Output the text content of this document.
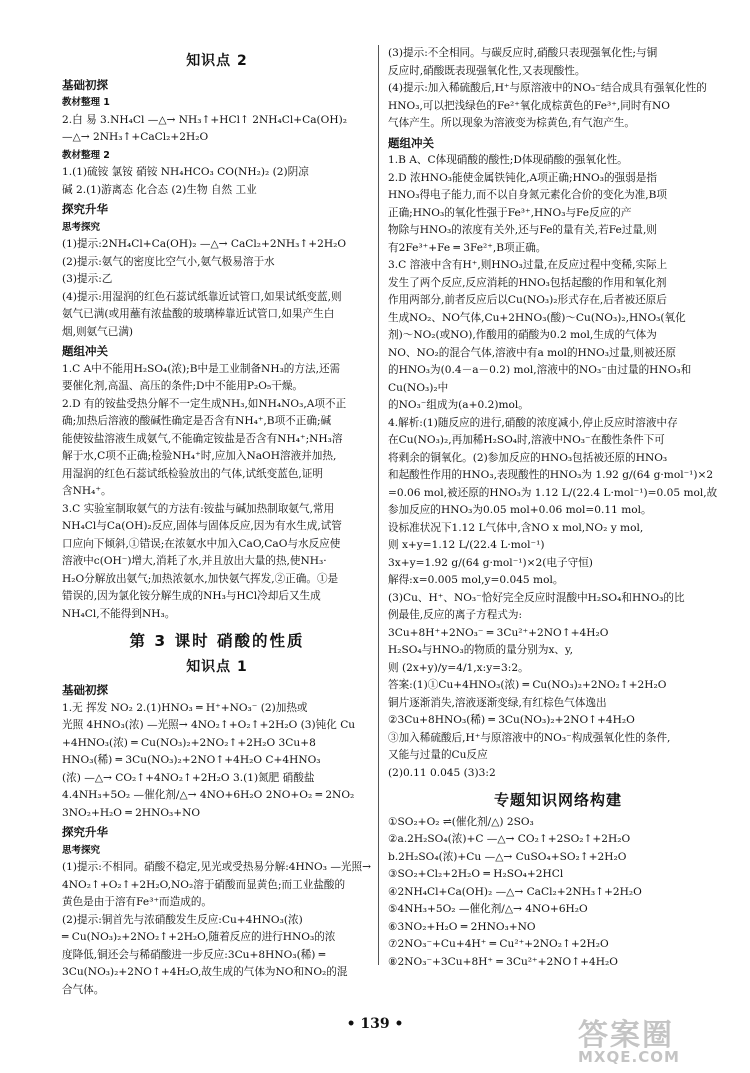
知识点 2
基础初探
教材整理 1

2.白 易 3.NH₄Cl —△→ NH₃↑+HCl↑ 2NH₄Cl+Ca(OH)₂

—△→ 2NH₃↑+CaCl₂+2H₂O

教材整理 2

1.(1)硫铵 氯铵 硝铵 NH₄HCO₃ CO(NH₂)₂ (2)阴凉

碱 2.(1)游离态 化合态 (2)生物 自然 工业

探究升华
思考探究

(1)提示:2NH₄Cl+Ca(OH)₂ —△→ CaCl₂+2NH₃↑+2H₂O

(2)提示:氨气的密度比空气小,氨气极易溶于水

(3)提示:乙

(4)提示:用湿润的红色石蕊试纸靠近试管口,如果试纸变蓝,则

氨气已满(或用蘸有浓盐酸的玻璃棒靠近试管口,如果产生白

烟,则氨气已满)

题组冲关

1.C A中不能用H₂SO₄(浓);B中是工业制备NH₃的方法,还需

要催化剂,高温、高压的条件;D中不能用P₂O₅干燥。

2.D 有的铵盐受热分解不一定生成NH₃,如NH₄NO₃,A项不正

确;加热后溶液的酸碱性确定是否含有NH₄⁺,B项不正确;碱

能使铵盐溶液生成氨气,不能确定铵盐是否含有NH₄⁺;NH₃溶

解于水,C项不正确;检验NH₄⁺时,应加入NaOH溶液并加热,

用湿润的红色石蕊试纸检验放出的气体,试纸变蓝色,证明

含NH₄⁺。

3.C 实验室制取氨气的方法有:铵盐与碱加热制取氨气,常用

NH₄Cl与Ca(OH)₂反应,固体与固体反应,因为有水生成,试管

口应向下倾斜,①错误;在浓氨水中加入CaO,CaO与水反应使

溶液中c(OH⁻)增大,消耗了水,并且放出大量的热,使NH₃·

H₂O分解放出氨气;加热浓氨水,加快氨气挥发,②正确。①是

错误的,因为氯化铵分解生成的NH₃与HCl冷却后又生成

NH₄Cl,不能得到NH₃。

第 3 课时 硝酸的性质
知识点 1
基础初探

1.无 挥发 NO₂ 2.(1)HNO₃ ═ H⁺+NO₃⁻ (2)加热或

光照 4HNO₃(浓) —光照→ 4NO₂↑+O₂↑+2H₂O (3)钝化 Cu

+4HNO₃(浓) ═ Cu(NO₃)₂+2NO₂↑+2H₂O 3Cu+8

HNO₃(稀) ═ 3Cu(NO₃)₂+2NO↑+4H₂O C+4HNO₃

(浓) —△→ CO₂↑+4NO₂↑+2H₂O 3.(1)氮肥 硝酸盐

4.4NH₃+5O₂ —催化剂/△→ 4NO+6H₂O 2NO+O₂ ═ 2NO₂

3NO₂+H₂O ═ 2HNO₃+NO

探究升华
思考探究

(1)提示:不相同。硝酸不稳定,见光或受热易分解:4HNO₃ —光照→

4NO₂↑+O₂↑+2H₂O,NO₂溶于硝酸而显黄色;而工业盐酸的

黄色是由于溶有Fe³⁺而造成的。

(2)提示:铜首先与浓硝酸发生反应:Cu+4HNO₃(浓)

═ Cu(NO₃)₂+2NO₂↑+2H₂O,随着反应的进行HNO₃的浓

度降低,铜还会与稀硝酸进一步反应:3Cu+8HNO₃(稀) ═

3Cu(NO₃)₂+2NO↑+4H₂O,故生成的气体为NO和NO₂的混

合气体。

(3)提示:不全相同。与碳反应时,硝酸只表现强氧化性;与铜

反应时,硝酸既表现强氧化性,又表现酸性。

(4)提示:加入稀硫酸后,H⁺与原溶液中的NO₃⁻结合成具有强氧化性的

HNO₃,可以把浅绿色的Fe²⁺氧化成棕黄色的Fe³⁺,同时有NO

气体产生。所以现象为溶液变为棕黄色,有气泡产生。

题组冲关

1.B A、C体现硝酸的酸性;D体现硝酸的强氧化性。

2.D 浓HNO₃能使金属铁钝化,A项正确;HNO₃的强弱是指

HNO₃得电子能力,而不以自身氮元素化合价的变化为准,B项

正确;HNO₃的氧化性强于Fe³⁺,HNO₃与Fe反应的产

物除与HNO₃的浓度有关外,还与Fe的量有关,若Fe过量,则

有2Fe³⁺+Fe ═ 3Fe²⁺,B项正确。

3.C 溶液中含有H⁺,则HNO₃过量,在反应过程中变稀,实际上

发生了两个反应,反应消耗的HNO₃包括起酸的作用和氧化剂

作用两部分,前者反应后以Cu(NO₃)₂形式存在,后者被还原后

生成NO₂、NO气体,Cu+2HNO₃(酸)～Cu(NO₃)₂,HNO₃(氧化

剂)～NO₂(或NO),作酸用的硝酸为0.2 mol,生成的气体为

NO、NO₂的混合气体,溶液中有a mol的HNO₃过量,则被还原

的HNO₃为(0.4－a－0.2) mol,溶液中的NO₃⁻由过量的HNO₃和Cu(NO₃)₂中

的NO₃⁻组成为(a+0.2)mol。

4.解析:(1)随反应的进行,硝酸的浓度减小,停止反应时溶液中存

在Cu(NO₃)₂,再加稀H₂SO₄时,溶液中NO₃⁻在酸性条件下可

将剩余的铜氧化。(2)参加反应的HNO₃包括被还原的HNO₃

和起酸性作用的HNO₃,表现酸性的HNO₃为 1.92 g/(64 g·mol⁻¹)×2

=0.06 mol,被还原的HNO₃为 1.12 L/(22.4 L·mol⁻¹)=0.05 mol,故

参加反应的HNO₃为0.05 mol+0.06 mol=0.11 mol。

设标准状况下1.12 L气体中,含NO x mol,NO₂ y mol,

则 x+y=1.12 L/(22.4 L·mol⁻¹)

3x+y=1.92 g/(64 g·mol⁻¹)×2(电子守恒)

解得:x=0.005 mol,y=0.045 mol。

(3)Cu、H⁺、NO₃⁻恰好完全反应时混酸中H₂SO₄和HNO₃的比

例最佳,反应的离子方程式为:

3Cu+8H⁺+2NO₃⁻ ═ 3Cu²⁺+2NO↑+4H₂O

H₂SO₄与HNO₃的物质的量分别为x、y,

则 (2x+y)/y=4/1,x:y=3:2。

答案:(1)①Cu+4HNO₃(浓) ═ Cu(NO₃)₂+2NO₂↑+2H₂O

铜片逐渐消失,溶液逐渐变绿,有红棕色气体逸出

②3Cu+8HNO₃(稀) ═ 3Cu(NO₃)₂+2NO↑+4H₂O

③加入稀硫酸后,H⁺与原溶液中的NO₃⁻构成强氧化性的条件,

又能与过量的Cu反应

(2)0.11 0.045 (3)3:2

专题知识网络构建

①SO₂+O₂ ⇌(催化剂/△) 2SO₃

②a.2H₂SO₄(浓)+C —△→ CO₂↑+2SO₂↑+2H₂O

b.2H₂SO₄(浓)+Cu —△→ CuSO₄+SO₂↑+2H₂O

③SO₂+Cl₂+2H₂O ═ H₂SO₄+2HCl

④2NH₄Cl+Ca(OH)₂ —△→ CaCl₂+2NH₃↑+2H₂O

⑤4NH₃+5O₂ —催化剂/△→ 4NO+6H₂O

⑥3NO₂+H₂O ═ 2HNO₃+NO

⑦2NO₃⁻+Cu+4H⁺ ═ Cu²⁺+2NO₂↑+2H₂O

⑧2NO₃⁻+3Cu+8H⁺ ═ 3Cu²⁺+2NO↑+4H₂O

• 139 •	答案圈
MXQE.COM
